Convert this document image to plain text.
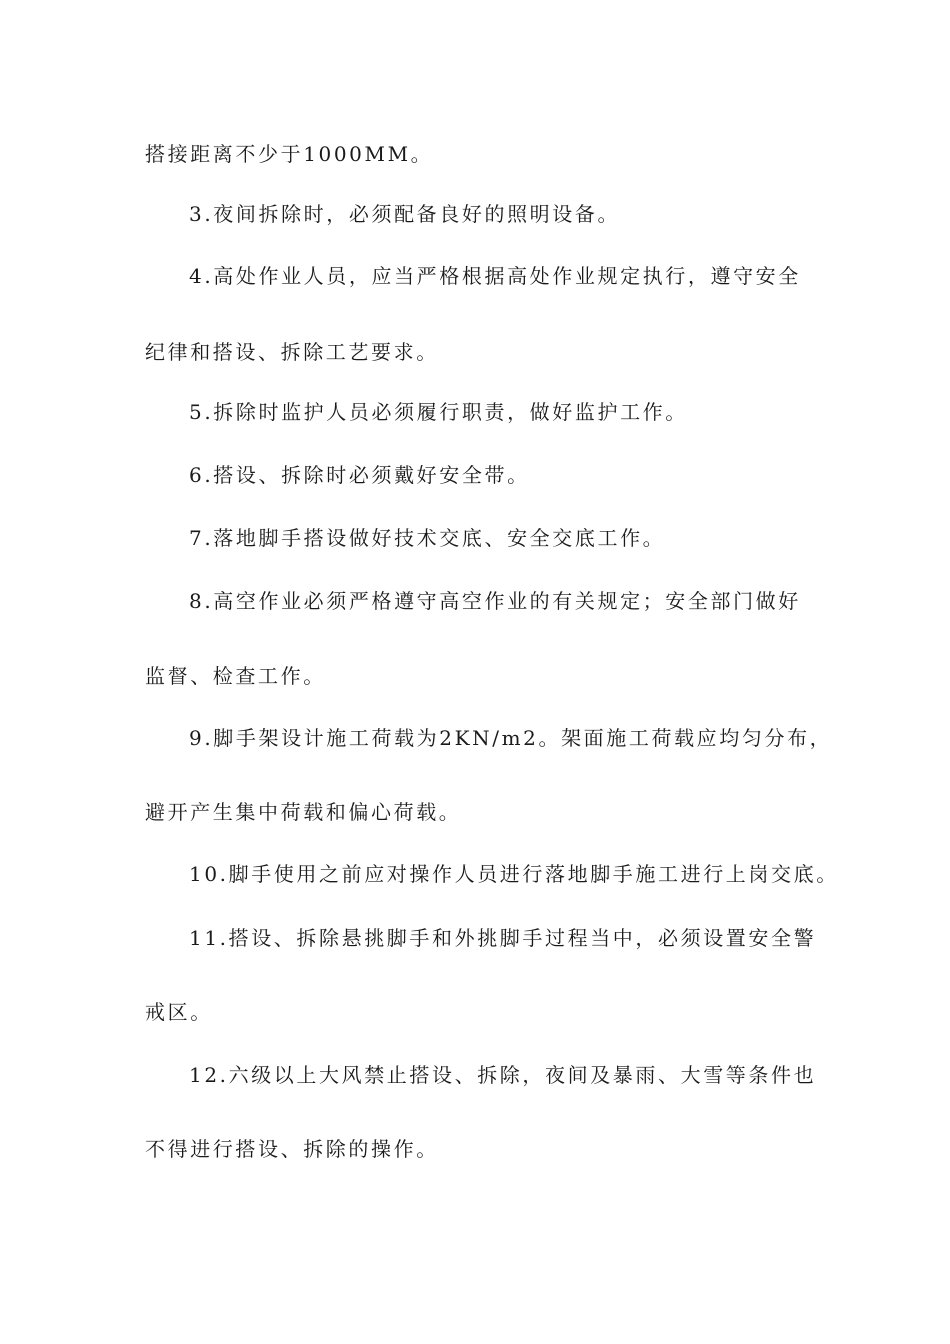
搭接距离不少于1000MM。
3.夜间拆除时，必须配备良好的照明设备。
4.高处作业人员，应当严格根据高处作业规定执行，遵守安全
纪律和搭设、拆除工艺要求。
5.拆除时监护人员必须履行职责，做好监护工作。
6.搭设、拆除时必须戴好安全带。
7.落地脚手搭设做好技术交底、安全交底工作。
8.高空作业必须严格遵守高空作业的有关规定；安全部门做好
监督、检查工作。
9.脚手架设计施工荷载为2KN/m2。架面施工荷载应均匀分布，
避开产生集中荷载和偏心荷载。
10.脚手使用之前应对操作人员进行落地脚手施工进行上岗交底。
11.搭设、拆除悬挑脚手和外挑脚手过程当中，必须设置安全警
戒区。
12.六级以上大风禁止搭设、拆除，夜间及暴雨、大雪等条件也
不得进行搭设、拆除的操作。
